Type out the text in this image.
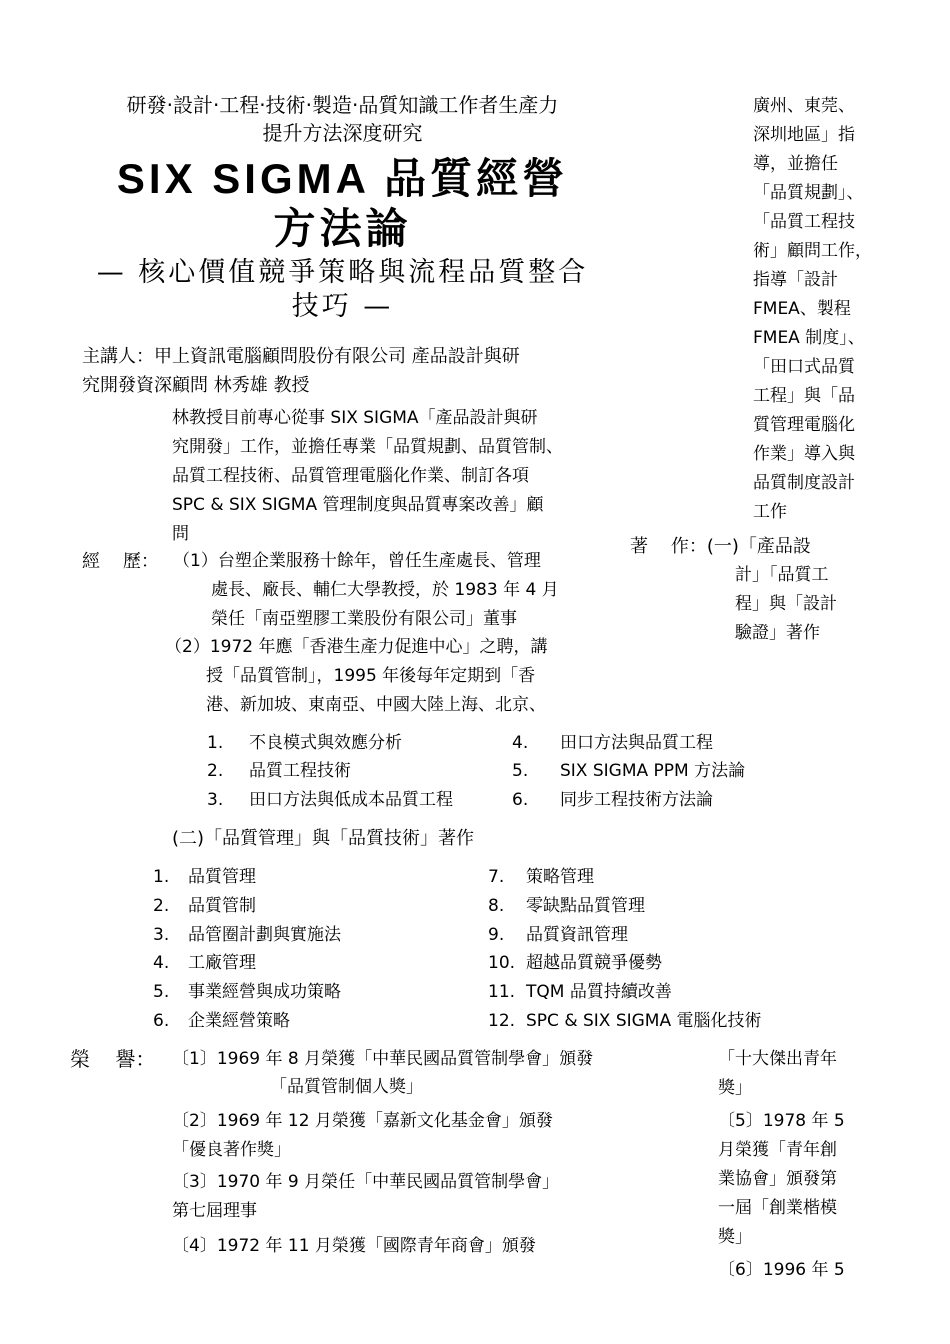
研發‧設計‧工程‧技術‧製造‧品質知識工作者生產力
提升方法深度研究
SIX SIGMA 品質經營
方法論
— 核心價值競爭策略與流程品質整合
技巧 —
主講人：甲上資訊電腦顧問股份有限公司 產品設計與研
究開發資深顧問 林秀雄 教授
林教授目前專心從事 SIX SIGMA「產品設計與研
究開發」工作，並擔任專業「品質規劃、品質管制、
品質工程技術、品質管理電腦化作業、制訂各項
SPC & SIX SIGMA 管理制度與品質專案改善」顧
問
廣州、東莞、
深圳地區」指
導，並擔任
「品質規劃」、
「品質工程技
術」顧問工作，
指導「設計
FMEA、製程
FMEA 制度」、
「田口式品質
工程」與「品
質管理電腦化
作業」導入與
品質制度設計
工作
著    作：(一)「產品設
計」「品質工
程」與「設計
驗證」著作
經    歷： （1）台塑企業服務十餘年，曾任生產處長、管理
處長、廠長、輔仁大學教授，於 1983 年 4 月
榮任「南亞塑膠工業股份有限公司」董事
（2）1972 年應「香港生產力促進中心」之聘，講
授「品質管制」，1995 年後每年定期到「香
港、新加坡、東南亞、中國大陸上海、北京、
1. 不良模式與效應分析
2. 品質工程技術
3. 田口方法與低成本品質工程
4. 田口方法與品質工程
5. SIX SIGMA PPM 方法論
6. 同步工程技術方法論
(二)「品質管理」與「品質技術」著作
1. 品質管理
2. 品質管制
3. 品管圈計劃與實施法
4. 工廠管理
5. 事業經營與成功策略
6. 企業經營策略
7. 策略管理
8. 零缺點品質管理
9. 品質資訊管理
10. 超越品質競爭優勢
11. TQM 品質持續改善
12. SPC & SIX SIGMA 電腦化技術
榮    譽： 〔1〕1969 年 8 月榮獲「中華民國品質管制學會」頒發
「品質管制個人獎」
〔2〕1969 年 12 月榮獲「嘉新文化基金會」頒發
「優良著作獎」
〔3〕1970 年 9 月榮任「中華民國品質管制學會」
第七屆理事
〔4〕1972 年 11 月榮獲「國際青年商會」頒發
「十大傑出青年
獎」
〔5〕1978 年 5
月榮獲「青年創
業協會」頒發第
一屆「創業楷模
獎」
〔6〕1996 年 5
